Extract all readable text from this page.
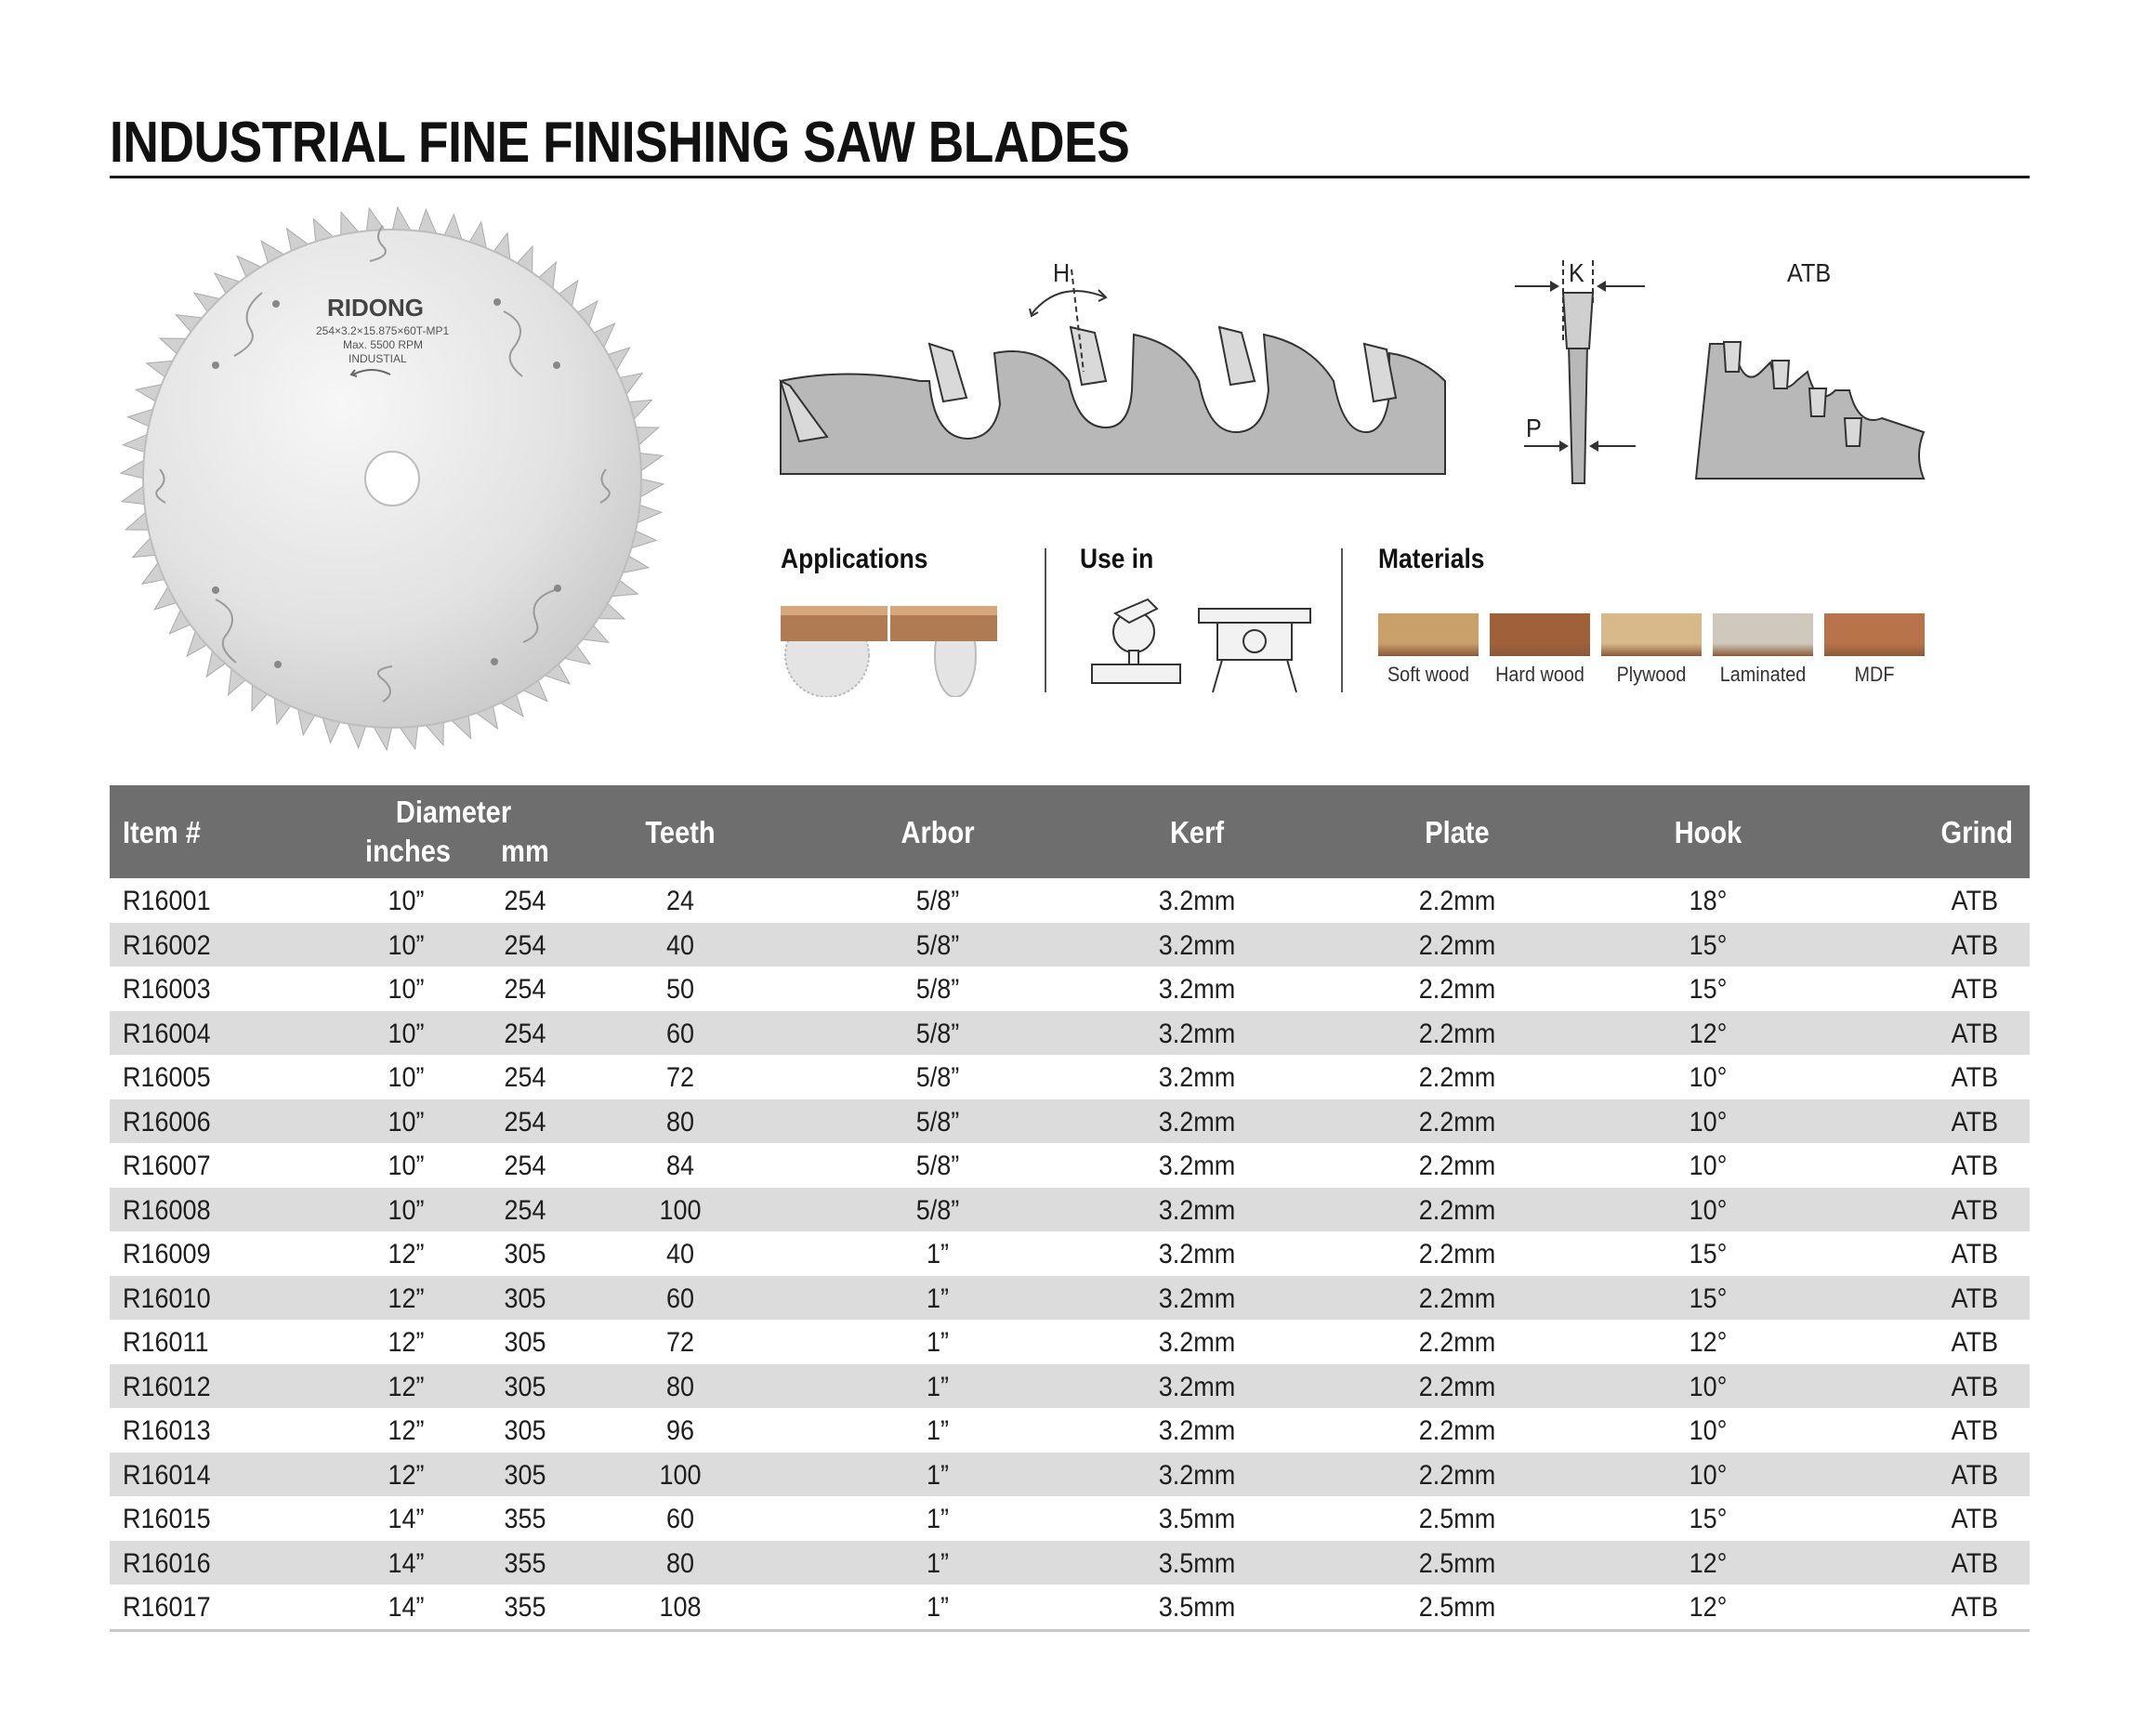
INDUSTRIAL FINE FINISHING SAW BLADES
RIDONG
254×3.2×15.875×60T-MP1
Max. 5500 RPM
INDUSTIAL
H	K
P
ATB
Applications	Use in	Materials
Soft wood	Hard wood	Plywood	Laminated	MDF
Item #
Diameter
inches	mm
Teeth	Arbor	Kerf	Plate	Hook	Grind
R16001	10”	254	24	5/8”	3.2mm	2.2mm	18°	ATB
R16002	10”	254	40	5/8”	3.2mm	2.2mm	15°	ATB
R16003	10”	254	50	5/8”	3.2mm	2.2mm	15°	ATB
R16004	10”	254	60	5/8”	3.2mm	2.2mm	12°	ATB
R16005	10”	254	72	5/8”	3.2mm	2.2mm	10°	ATB
R16006	10”	254	80	5/8”	3.2mm	2.2mm	10°	ATB
R16007	10”	254	84	5/8”	3.2mm	2.2mm	10°	ATB
R16008	10”	254	100	5/8”	3.2mm	2.2mm	10°	ATB
R16009	12”	305	40	1”	3.2mm	2.2mm	15°	ATB
R16010	12”	305	60	1”	3.2mm	2.2mm	15°	ATB
R16011	12”	305	72	1”	3.2mm	2.2mm	12°	ATB
R16012	12”	305	80	1”	3.2mm	2.2mm	10°	ATB
R16013	12”	305	96	1”	3.2mm	2.2mm	10°	ATB
R16014	12”	305	100	1”	3.2mm	2.2mm	10°	ATB
R16015	14”	355	60	1”	3.5mm	2.5mm	15°	ATB
R16016	14”	355	80	1”	3.5mm	2.5mm	12°	ATB
R16017	14”	355	108	1”	3.5mm	2.5mm	12°	ATB
